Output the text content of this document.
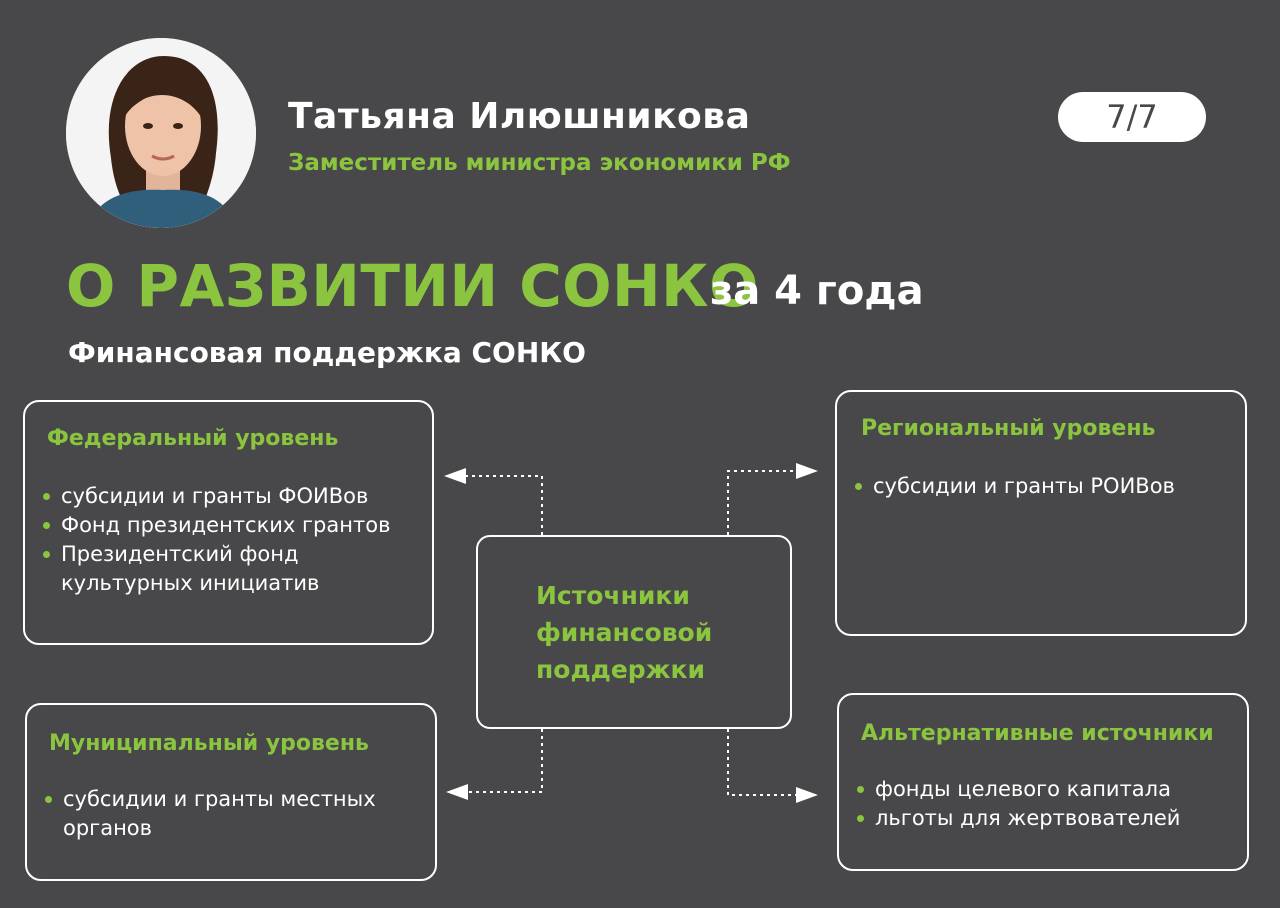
Татьяна Илюшникова
Заместитель министра экономики РФ
7/7
О РАЗВИТИИ СОНКО
за 4 года
Финансовая поддержка СОНКО
Федеральный уровень
субсидии и гранты ФОИВов
Фонд президентских грантов
Президентский фонд культурных инициатив
Региональный уровень
субсидии и гранты РОИВов
Источники финансовой поддержки
Муниципальный уровень
субсидии и гранты местных органов
Альтернативные источники
фонды целевого капитала
льготы для жертвователей
